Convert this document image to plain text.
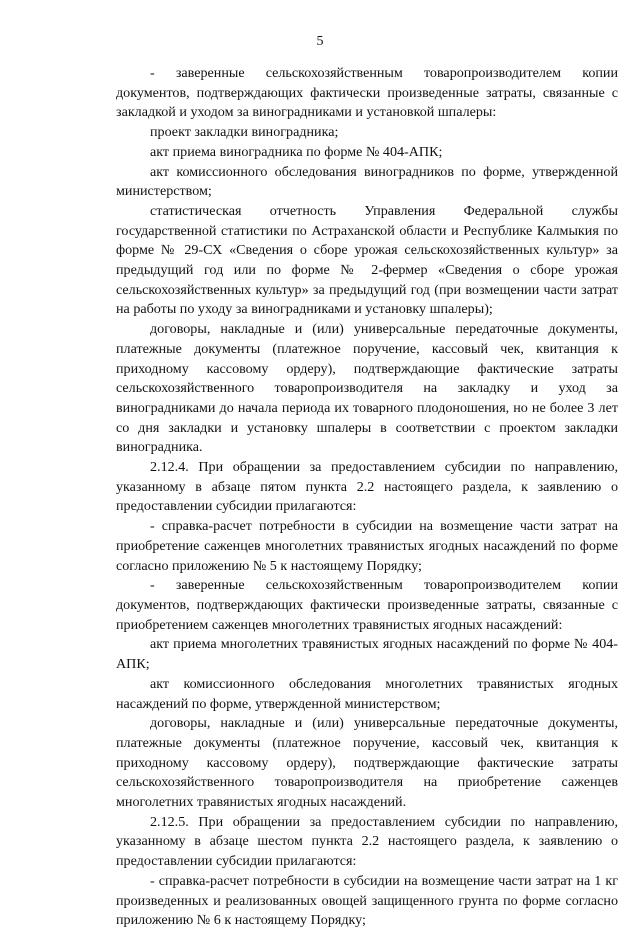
5

- заверенные сельскохозяйственным товаропроизводителем копии документов, подтверждающих фактически произведенные затраты, связанные с закладкой и уходом за виноградниками и установкой шпалеры:

проект закладки виноградника;

акт приема виноградника по форме № 404-АПК;

акт комиссионного обследования виноградников по форме, утвержденной министерством;

статистическая отчетность Управления Федеральной службы государственной статистики по Астраханской области и Республике Калмыкия по форме № 29-СХ «Сведения о сборе урожая сельскохозяйственных культур» за предыдущий год или по форме № 2-фермер «Сведения о сборе урожая сельскохозяйственных культур» за предыдущий год (при возмещении части затрат на работы по уходу за виноградниками и установку шпалеры);

договоры, накладные и (или) универсальные передаточные документы, платежные документы (платежное поручение, кассовый чек, квитанция к приходному кассовому ордеру), подтверждающие фактические затраты сельскохозяйственного товаропроизводителя на закладку и уход за виноградниками до начала периода их товарного плодоношения, но не более 3 лет со дня закладки и установку шпалеры в соответствии с проектом закладки виноградника.

2.12.4. При обращении за предоставлением субсидии по направлению, указанному в абзаце пятом пункта 2.2 настоящего раздела, к заявлению о предоставлении субсидии прилагаются:

- справка-расчет потребности в субсидии на возмещение части затрат на приобретение саженцев многолетних травянистых ягодных насаждений по форме согласно приложению № 5 к настоящему Порядку;

- заверенные сельскохозяйственным товаропроизводителем копии документов, подтверждающих фактически произведенные затраты, связанные с приобретением саженцев многолетних травянистых ягодных насаждений:

акт приема многолетних травянистых ягодных насаждений по форме № 404-АПК;

акт комиссионного обследования многолетних травянистых ягодных насаждений по форме, утвержденной министерством;

договоры, накладные и (или) универсальные передаточные документы, платежные документы (платежное поручение, кассовый чек, квитанция к приходному кассовому ордеру), подтверждающие фактические затраты сельскохозяйственного товаропроизводителя на приобретение саженцев многолетних травянистых ягодных насаждений.

2.12.5. При обращении за предоставлением субсидии по направлению, указанному в абзаце шестом пункта 2.2 настоящего раздела, к заявлению о предоставлении субсидии прилагаются:

- справка-расчет потребности в субсидии на возмещение части затрат на 1 кг произведенных и реализованных овощей защищенного грунта по форме согласно приложению № 6 к настоящему Порядку;
